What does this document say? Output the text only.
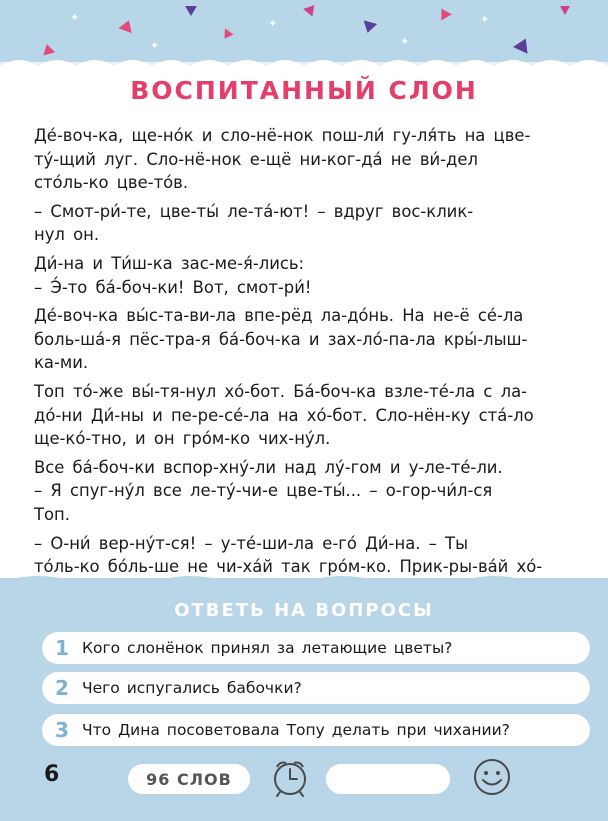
✦
✦
✦
✦
✦
ВОСПИТАННЫЙ СЛОН
Де́-воч-ка, ще-но́к и сло-нё-нок пош-ли́ гу-ля́ть на цве-
ту́-щий луг. Сло-нё-нок е-щё ни-ког-да́ не ви́-дел
сто́ль-ко цве-то́в.
– Смот-ри́-те, цве-ты́ ле-та́-ют! – вдруг вос-клик-
нул он.
Ди́-на и Ти́ш-ка зас-ме-я́-лись:
– Э́-то ба́-боч-ки! Вот, смот-ри́!
Де́-воч-ка вы́с-та-ви-ла впе-рёд ла-до́нь. На не-ё се́-ла
боль-ша́-я пёс-тра-я ба́-боч-ка и зах-ло́-па-ла кры́-лыш-
ка-ми.
Топ то́-же вы́-тя-нул хо́-бот. Ба́-боч-ка взле-те́-ла с ла-
до́-ни Ди́-ны и пе-ре-се́-ла на хо́-бот. Сло-нён-ку ста́-ло
ще-ко́-тно, и он гро́м-ко чих-ну́л.
Все ба́-боч-ки вспор-хну́-ли над лу́-гом и у-ле-те́-ли.
– Я спуг-ну́л все ле-ту́-чи-е цве-ты́... – о-гор-чи́л-ся
Топ.
– О-ни́ вер-ну́т-ся! – у-те́-ши-ла е-го́ Ди́-на. – Ты
то́ль-ко бо́ль-ше не чи-ха́й так гро́м-ко. Прик-ры-ва́й хо́-
ОТВЕТЬ НА ВОПРОСЫ
1 Кого слонёнок принял за летающие цветы?
2 Чего испугались бабочки?
3 Что Дина посоветовала Топу делать при чихании?
6	96 СЛОВ
